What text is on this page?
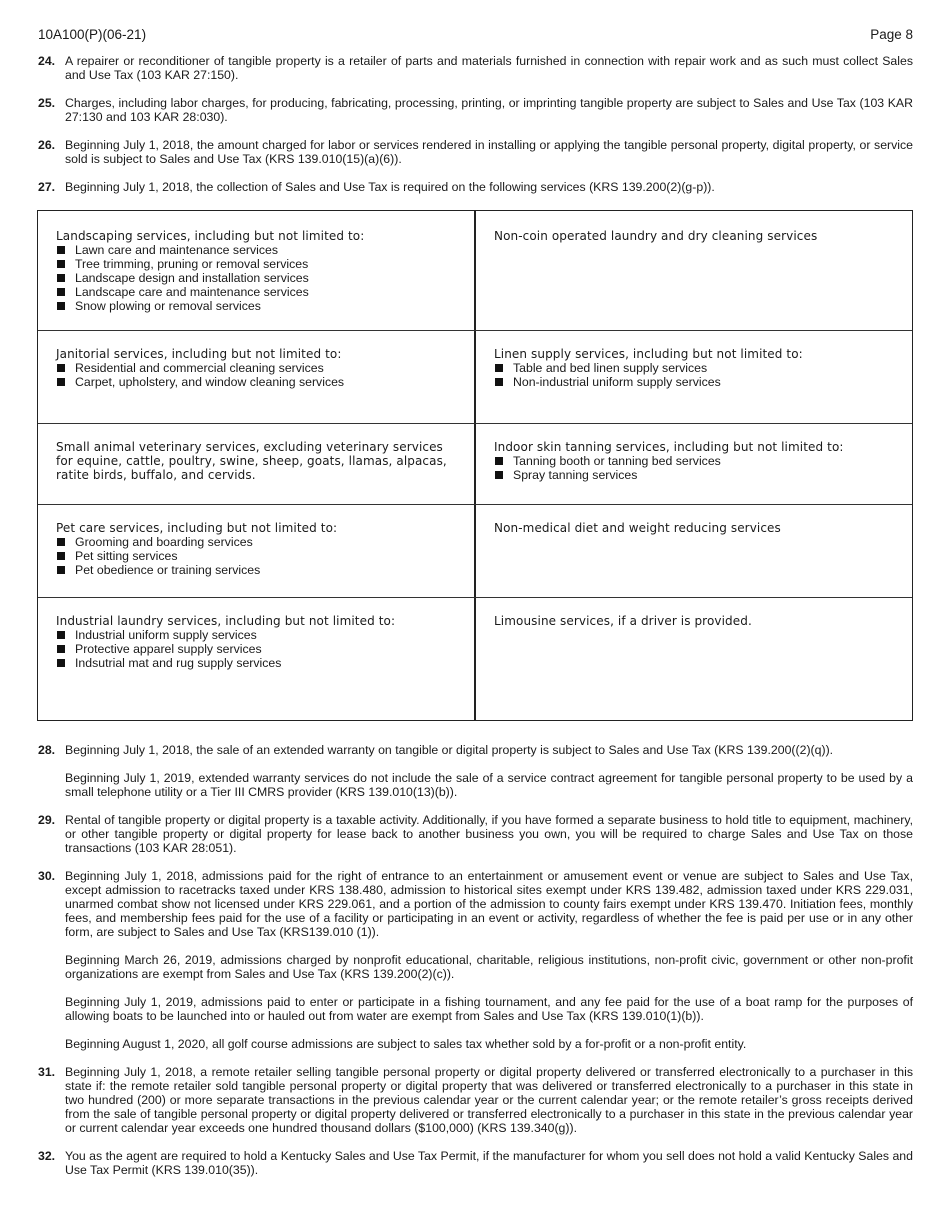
10A100(P)(06-21)	Page 8
24. A repairer or reconditioner of tangible property is a retailer of parts and materials furnished in connection with repair work and as such must collect Sales and Use Tax (103 KAR 27:150).
25. Charges, including labor charges, for producing, fabricating, processing, printing, or imprinting tangible property are subject to Sales and Use Tax (103 KAR 27:130 and 103 KAR 28:030).
26. Beginning July 1, 2018, the amount charged for labor or services rendered in installing or applying the tangible personal property, digital property, or service sold is subject to Sales and Use Tax (KRS 139.010(15)(a)(6)).
27. Beginning July 1, 2018, the collection of Sales and Use Tax is required on the following services (KRS 139.200(2)(g-p)).
Landscaping services, including but not limited to:
Lawn care and maintenance services
Tree trimming, pruning or removal services
Landscape design and installation services
Landscape care and maintenance services
Snow plowing or removal services
Non-coin operated laundry and dry cleaning services
Janitorial services, including but not limited to:
Residential and commercial cleaning services
Carpet, upholstery, and window cleaning services
Linen supply services, including but not limited to:
Table and bed linen supply services
Non-industrial uniform supply services
Small animal veterinary services, excluding veterinary services for equine, cattle, poultry, swine, sheep, goats, llamas, alpacas, ratite birds, buffalo, and cervids.
Indoor skin tanning services, including but not limited to:
Tanning booth or tanning bed services
Spray tanning services
Pet care services, including but not limited to:
Grooming and boarding services
Pet sitting services
Pet obedience or training services
Non-medical diet and weight reducing services
Industrial laundry services, including but not limited to:
Industrial uniform supply services
Protective apparel supply services
Indsutrial mat and rug supply services
Limousine services, if a driver is provided.
28. Beginning July 1, 2018, the sale of an extended warranty on tangible or digital property is subject to Sales and Use Tax (KRS 139.200((2)(q)).
Beginning July 1, 2019, extended warranty services do not include the sale of a service contract agreement for tangible personal property to be used by a small telephone utility or a Tier III CMRS provider (KRS 139.010(13)(b)).
29. Rental of tangible property or digital property is a taxable activity. Additionally, if you have formed a separate business to hold title to equipment, machinery, or other tangible property or digital property for lease back to another business you own, you will be required to charge Sales and Use Tax on those transactions (103 KAR 28:051).
30. Beginning July 1, 2018, admissions paid for the right of entrance to an entertainment or amusement event or venue are subject to Sales and Use Tax, except admission to racetracks taxed under KRS 138.480, admission to historical sites exempt under KRS 139.482, admission taxed under KRS 229.031, unarmed combat show not licensed under KRS 229.061, and a portion of the admission to county fairs exempt under KRS 139.470. Initiation fees, monthly fees, and membership fees paid for the use of a facility or participating in an event or activity, regardless of whether the fee is paid per use or in any other form, are subject to Sales and Use Tax (KRS139.010 (1)).
Beginning March 26, 2019, admissions charged by nonprofit educational, charitable, religious institutions, non-profit civic, government or other non-profit organizations are exempt from Sales and Use Tax (KRS 139.200(2)(c)).
Beginning July 1, 2019, admissions paid to enter or participate in a fishing tournament, and any fee paid for the use of a boat ramp for the purposes of allowing boats to be launched into or hauled out from water are exempt from Sales and Use Tax (KRS 139.010(1)(b)).
Beginning August 1, 2020, all golf course admissions are subject to sales tax whether sold by a for-profit or a non-profit entity.
31. Beginning July 1, 2018, a remote retailer selling tangible personal property or digital property delivered or transferred electronically to a purchaser in this state if: the remote retailer sold tangible personal property or digital property that was delivered or transferred electronically to a purchaser in this state in two hundred (200) or more separate transactions in the previous calendar year or the current calendar year; or the remote retailer’s gross receipts derived from the sale of tangible personal property or digital property delivered or transferred electronically to a purchaser in this state in the previous calendar year or current calendar year exceeds one hundred thousand dollars ($100,000) (KRS 139.340(g)).
32. You as the agent are required to hold a Kentucky Sales and Use Tax Permit, if the manufacturer for whom you sell does not hold a valid Kentucky Sales and Use Tax Permit (KRS 139.010(35)).
